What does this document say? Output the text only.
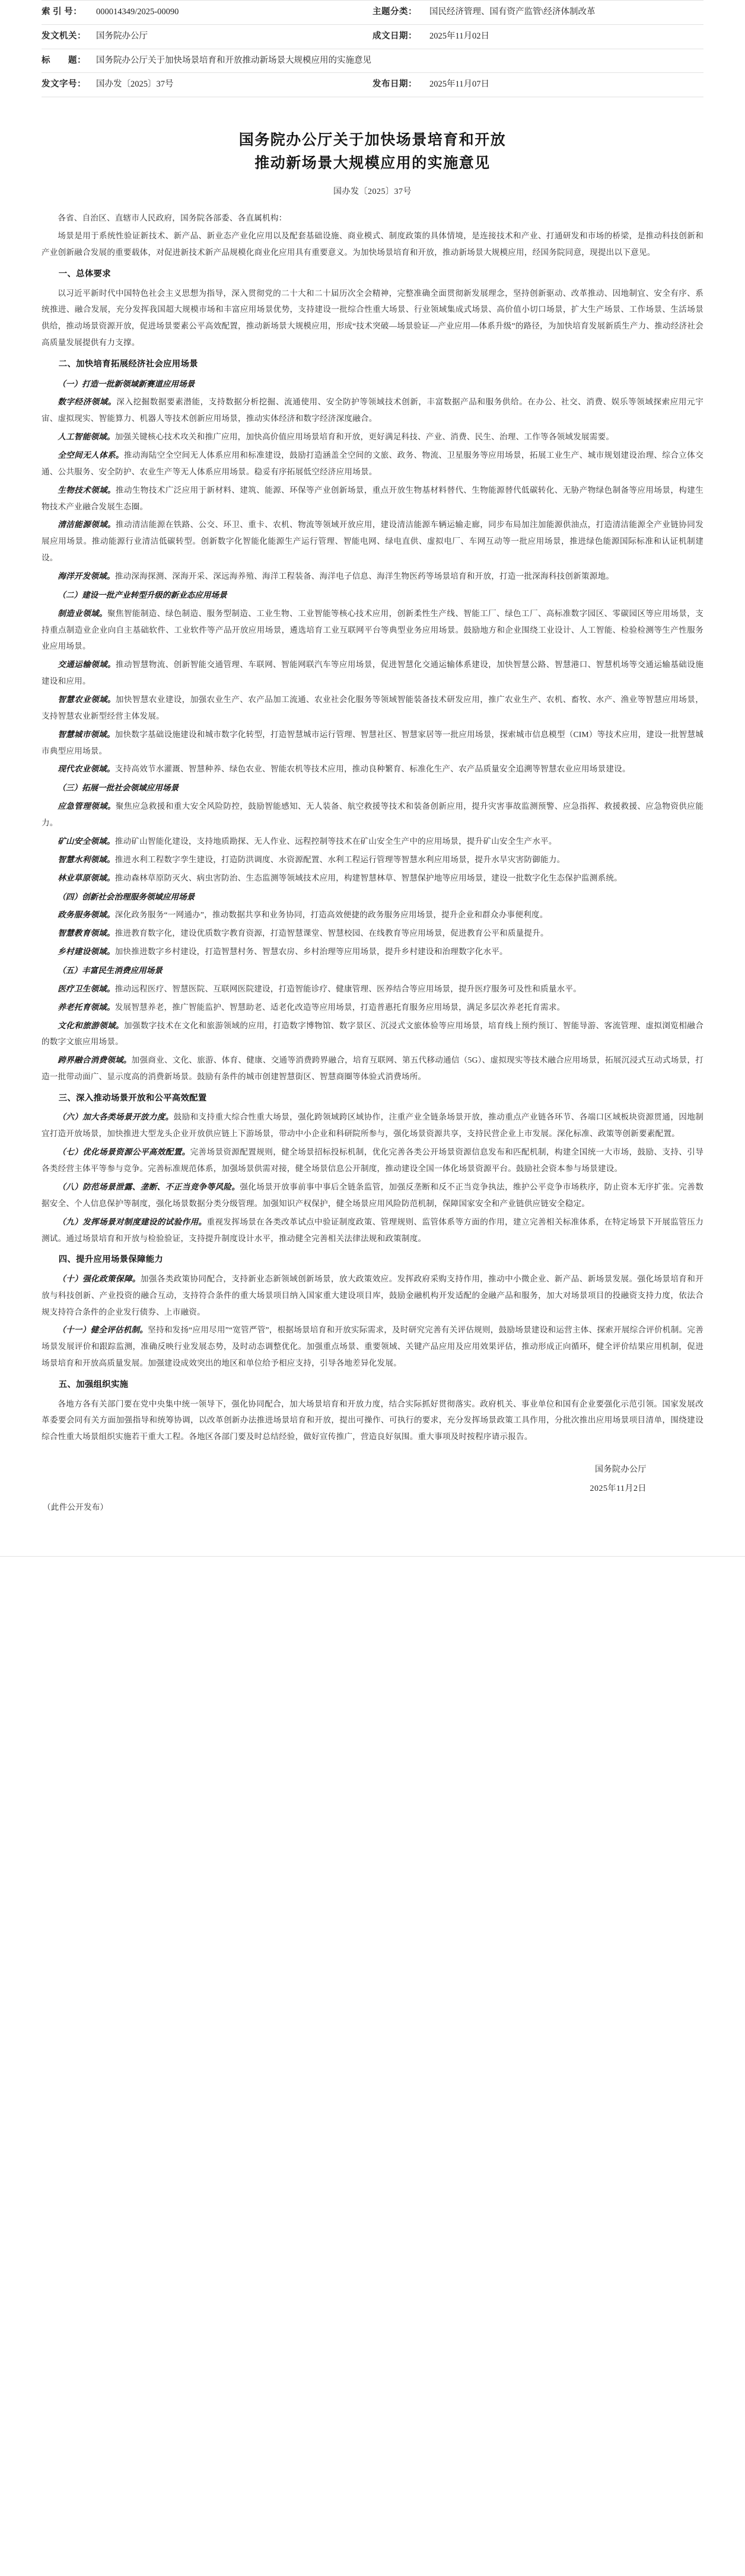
索 引 号：	000014349/2025-00090	主题分类：	国民经济管理、国有资产监管\经济体制改革
发文机关：	国务院办公厅	成文日期：	2025年11月02日
标　　题：	国务院办公厅关于加快场景培育和开放推动新场景大规模应用的实施意见		
发文字号：	国办发〔2025〕37号	发布日期：	2025年11月07日
国务院办公厅关于加快场景培育和开放
推动新场景大规模应用的实施意见
国办发〔2025〕37号

各省、自治区、直辖市人民政府，国务院各部委、各直属机构：

场景是用于系统性验证新技术、新产品、新业态产业化应用以及配套基础设施、商业模式、制度政策的具体情境，是连接技术和产业、打通研发和市场的桥梁，是推动科技创新和产业创新融合发展的重要载体，对促进新技术新产品规模化商业化应用具有重要意义。为加快场景培育和开放，推动新场景大规模应用，经国务院同意，现提出以下意见。

一、总体要求

以习近平新时代中国特色社会主义思想为指导，深入贯彻党的二十大和二十届历次全会精神，完整准确全面贯彻新发展理念，坚持创新驱动、改革推动、因地制宜、安全有序、系统推进、融合发展，充分发挥我国超大规模市场和丰富应用场景优势，支持建设一批综合性重大场景、行业领域集成式场景、高价值小切口场景，扩大生产场景、工作场景、生活场景供给，推动场景资源开放，促进场景要素公平高效配置，推动新场景大规模应用，形成“技术突破—场景验证—产业应用—体系升级”的路径，为加快培育发展新质生产力、推动经济社会高质量发展提供有力支撑。

二、加快培育拓展经济社会应用场景
（一）打造一批新领域新赛道应用场景

数字经济领域。深入挖掘数据要素潜能，支持数据分析挖掘、流通使用、安全防护等领域技术创新，丰富数据产品和服务供给。在办公、社交、消费、娱乐等领域探索应用元宇宙、虚拟现实、智能算力、机器人等技术创新应用场景，推动实体经济和数字经济深度融合。

人工智能领域。加强关键核心技术攻关和推广应用，加快高价值应用场景培育和开放，更好满足科技、产业、消费、民生、治理、工作等各领域发展需要。

全空间无人体系。推动海陆空全空间无人体系应用和标准建设，鼓励打造涵盖全空间的文旅、政务、物流、卫星服务等应用场景，拓展工业生产、城市规划建设治理、综合立体交通、公共服务、安全防护、农业生产等无人体系应用场景。稳妥有序拓展低空经济应用场景。

生物技术领域。推动生物技术广泛应用于新材料、建筑、能源、环保等产业创新场景，重点开放生物基材料替代、生物能源替代低碳转化、无胁产物绿色制备等应用场景，构建生物技术产业融合发展生态圈。

清洁能源领域。推动清洁能源在铁路、公交、环卫、重卡、农机、物流等领域开放应用，建设清洁能源车辆运输走廊，同步布局加注加能源供油点，打造清洁能源全产业链协同发展应用场景。推动能源行业清洁低碳转型。创新数字化智能化能源生产运行管理、智能电网、绿电直供、虚拟电厂、车网互动等一批应用场景，推进绿色能源国际标准和认证机制建设。

海洋开发领域。推动深海探测、深海开采、深远海养殖、海洋工程装备、海洋电子信息、海洋生物医药等场景培育和开放，打造一批深海科技创新策源地。

（二）建设一批产业转型升级的新业态应用场景

制造业领域。聚焦智能制造、绿色制造、服务型制造、工业生物、工业智能等核心技术应用，创新柔性生产线、智能工厂、绿色工厂、高标准数字园区、零碳园区等应用场景，支持重点制造业企业向自主基础软件、工业软件等产品开放应用场景，遴选培育工业互联网平台等典型业务应用场景。鼓励地方和企业围绕工业设计、人工智能、检验检测等生产性服务业应用场景。

交通运输领域。推动智慧物流、创新智能交通管理、车联网、智能网联汽车等应用场景，促进智慧化交通运输体系建设，加快智慧公路、智慧港口、智慧机场等交通运输基础设施建设和应用。

智慧农业领域。加快智慧农业建设，加强农业生产、农产品加工流通、农业社会化服务等领域智能装备技术研发应用，推广农业生产、农机、畜牧、水产、渔业等智慧应用场景，支持智慧农业新型经营主体发展。

智慧城市领域。加快数字基础设施建设和城市数字化转型，打造智慧城市运行管理、智慧社区、智慧家居等一批应用场景，探索城市信息模型（CIM）等技术应用，建设一批智慧城市典型应用场景。

现代农业领域。支持高效节水灌溉、智慧种养、绿色农业、智能农机等技术应用，推动良种繁育、标准化生产、农产品质量安全追溯等智慧农业应用场景建设。

（三）拓展一批社会领域应用场景

应急管理领域。聚焦应急救援和重大安全风险防控，鼓励智能感知、无人装备、航空救援等技术和装备创新应用，提升灾害事故监测预警、应急指挥、救援救援、应急物资供应能力。

矿山安全领域。推动矿山智能化建设，支持地质勘探、无人作业、远程控制等技术在矿山安全生产中的应用场景，提升矿山安全生产水平。

智慧水利领域。推进水利工程数字孪生建设，打造防洪调度、水资源配置、水利工程运行管理等智慧水利应用场景，提升水旱灾害防御能力。

林业草原领域。推动森林草原防灭火、病虫害防治、生态监测等领域技术应用，构建智慧林草、智慧保护地等应用场景，建设一批数字化生态保护监测系统。

（四）创新社会治理服务领域应用场景

政务服务领域。深化政务服务“一网通办”，推动数据共享和业务协同，打造高效便捷的政务服务应用场景，提升企业和群众办事便利度。

智慧教育领域。推进教育数字化，建设优质数字教育资源，打造智慧课堂、智慧校园、在线教育等应用场景，促进教育公平和质量提升。

乡村建设领域。加快推进数字乡村建设，打造智慧村务、智慧农房、乡村治理等应用场景，提升乡村建设和治理数字化水平。

（五）丰富民生消费应用场景

医疗卫生领域。推动远程医疗、智慧医院、互联网医院建设，打造智能诊疗、健康管理、医养结合等应用场景，提升医疗服务可及性和质量水平。

养老托育领域。发展智慧养老，推广智能监护、智慧助老、适老化改造等应用场景，打造普惠托育服务应用场景，满足多层次养老托育需求。

文化和旅游领域。加强数字技术在文化和旅游领域的应用，打造数字博物馆、数字景区、沉浸式文旅体验等应用场景，培育线上预约预订、智能导游、客流管理、虚拟浏览相融合的数字文旅应用场景。

跨界融合消费领域。加强商业、文化、旅游、体育、健康、交通等消费跨界融合，培育互联网、第五代移动通信（5G）、虚拟现实等技术融合应用场景，拓展沉浸式互动式场景，打造一批带动面广、显示度高的消费新场景。鼓励有条件的城市创建智慧街区、智慧商圈等体验式消费场所。

三、深入推动场景开放和公平高效配置

（六）加大各类场景开放力度。鼓励和支持重大综合性重大场景，强化跨领域跨区域协作，注重产业全链条场景开放，推动重点产业链各环节、各端口区域板块资源贯通，因地制宜打造开放场景，加快推进大型龙头企业开放供应链上下游场景，带动中小企业和科研院所参与，强化场景资源共享，支持民营企业上市发展。深化标准、政策等创新要素配置。

（七）优化场景资源公平高效配置。完善场景资源配置规则，健全场景招标投标机制，优化完善各类公开场景资源信息发布和匹配机制，构建全国统一大市场，鼓励、支持、引导各类经营主体平等参与竞争。完善标准规范体系，加强场景供需对接，健全场景信息公开制度，推动建设全国一体化场景资源平台。鼓励社会资本参与场景建设。

（八）防范场景泄露、垄断、不正当竞争等风险。强化场景开放事前事中事后全链条监管，加强反垄断和反不正当竞争执法，维护公平竞争市场秩序，防止资本无序扩张。完善数据安全、个人信息保护等制度，强化场景数据分类分级管理。加强知识产权保护，健全场景应用风险防范机制，保障国家安全和产业链供应链安全稳定。

（九）发挥场景对制度建设的试验作用。重视发挥场景在各类改革试点中验证制度政策、管理规则、监管体系等方面的作用，建立完善相关标准体系，在特定场景下开展监管压力测试。通过场景培育和开放与检验验证，支持提升制度设计水平，推动健全完善相关法律法规和政策制度。

四、提升应用场景保障能力

（十）强化政策保障。加强各类政策协同配合，支持新业态新领域创新场景，放大政策效应。发挥政府采购支持作用，推动中小微企业、新产品、新场景发展。强化场景培育和开放与科技创新、产业投资的融合互动，支持符合条件的重大场景项目纳入国家重大建设项目库，鼓励金融机构开发适配的金融产品和服务，加大对场景项目的投融资支持力度，依法合规支持符合条件的企业发行债券、上市融资。

（十一）健全评估机制。坚持和发扬“应用尽用”“宽管严管”，根据场景培育和开放实际需求，及时研究完善有关评估规则，鼓励场景建设和运营主体、探索开展综合评价机制。完善场景发展评价和跟踪监测，准确反映行业发展态势，及时动态调整优化。加强重点场景、重要领域、关键产品应用及应用效果评估，推动形成正向循环，健全评价结果应用机制，促进场景培育和开放高质量发展。加强建设成效突出的地区和单位给予相应支持，引导各地差异化发展。

五、加强组织实施

各地方各有关部门要在党中央集中统一领导下，强化协同配合，加大场景培育和开放力度，结合实际抓好贯彻落实。政府机关、事业单位和国有企业要强化示范引领。国家发展改革委要会同有关方面加强指导和统筹协调，以改革创新办法推进场景培育和开放，提出可操作、可执行的要求，充分发挥场景政策工具作用，分批次推出应用场景项目清单，围绕建设综合性重大场景组织实施若干重大工程。各地区各部门要及时总结经验，做好宣传推广，营造良好氛围。重大事项及时按程序请示报告。

国务院办公厅
2025年11月2日

（此件公开发布）
